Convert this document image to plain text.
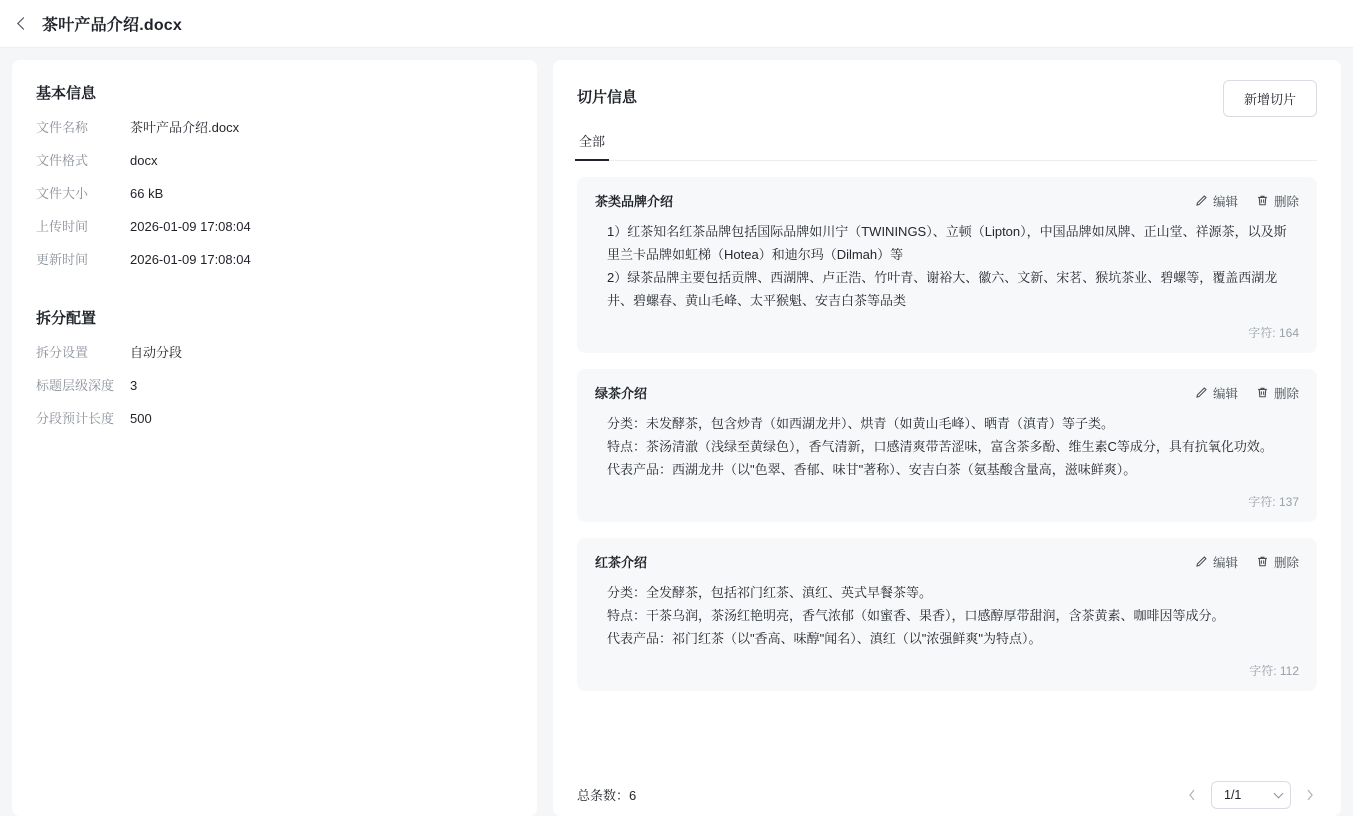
茶叶产品介绍.docx
基本信息
文件名称	茶叶产品介绍.docx
文件格式	docx
文件大小	66 kB
上传时间	2026-01-09 17:08:04
更新时间	2026-01-09 17:08:04
拆分配置
拆分设置	自动分段
标题层级深度	3
分段预计长度	500
切片信息	新增切片
全部
茶类品牌介绍	编辑	删除

1）红茶知名红茶品牌包括国际品牌如川宁（TWININGS）、立顿（Lipton），中国品牌如凤牌、正山堂、祥源茶，以及斯里兰卡品牌如虹梯（Hotea）和迪尔玛（Dilmah）等

2）绿茶品牌主要包括贡牌、西湖牌、卢正浩、竹叶青、谢裕大、徽六、文新、宋茗、猴坑茶业、碧螺等，覆盖西湖龙井、碧螺春、黄山毛峰、太平猴魁、安吉白茶等品类

字符: 164
绿茶介绍	编辑	删除

分类：未发酵茶，包含炒青（如西湖龙井）、烘青（如黄山毛峰）、晒青（滇青）等子类。

特点：茶汤清澈（浅绿至黄绿色），香气清新，口感清爽带苦涩味，富含茶多酚、维生素C等成分，具有抗氧化功效。

代表产品：西湖龙井（以"色翠、香郁、味甘"著称）、安吉白茶（氨基酸含量高，滋味鲜爽）。

字符: 137
红茶介绍	编辑	删除

分类：全发酵茶，包括祁门红茶、滇红、英式早餐茶等。

特点：干茶乌润，茶汤红艳明亮，香气浓郁（如蜜香、果香），口感醇厚带甜润，含茶黄素、咖啡因等成分。

代表产品：祁门红茶（以"香高、味醇"闻名）、滇红（以"浓强鲜爽"为特点）。

字符: 112
总条数：6	1/1
